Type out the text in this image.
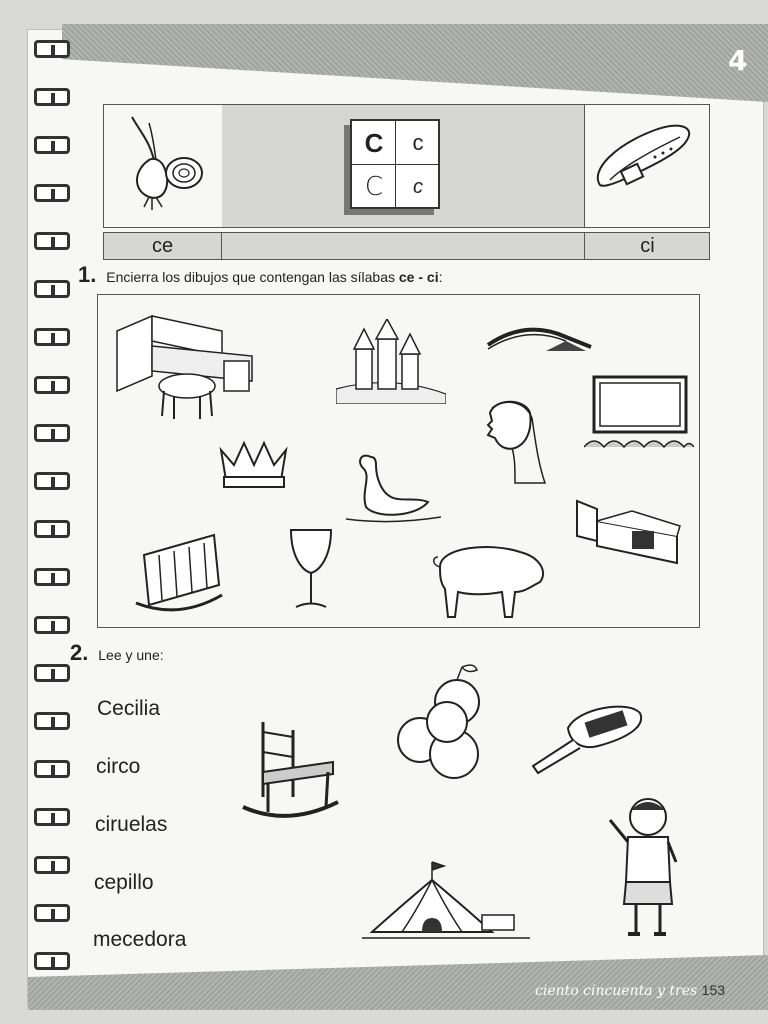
4
C	c
C	c
ce	ci
1. Encierra los dibujos que contengan las sílabas ce - ci:
2. Lee y une:
Cecilia
circo
ciruelas
cepillo
mecedora
ciento cincuenta y tres 153
